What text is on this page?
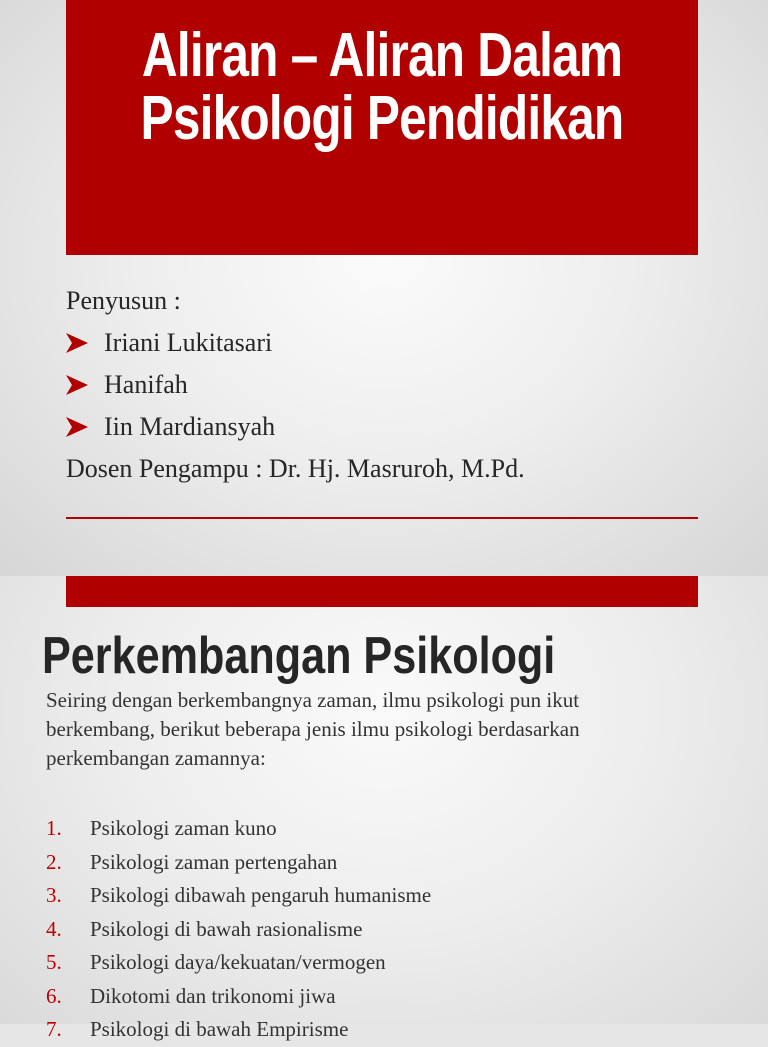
Aliran – Aliran Dalam
Psikologi Pendidikan
Penyusun :
Iriani Lukitasari
Hanifah
Iin Mardiansyah
Dosen Pengampu : Dr. Hj. Masruroh, M.Pd.
Perkembangan Psikologi
Seiring dengan berkembangnya zaman, ilmu psikologi pun ikut
berkembang, berikut beberapa jenis ilmu psikologi berdasarkan
perkembangan zamannya:
1.	Psikologi zaman kuno
2.	Psikologi zaman pertengahan
3.	Psikologi dibawah pengaruh humanisme
4.	Psikologi di bawah rasionalisme
5.	Psikologi daya/kekuatan/vermogen
6.	Dikotomi dan trikonomi jiwa
7.	Psikologi di bawah Empirisme
